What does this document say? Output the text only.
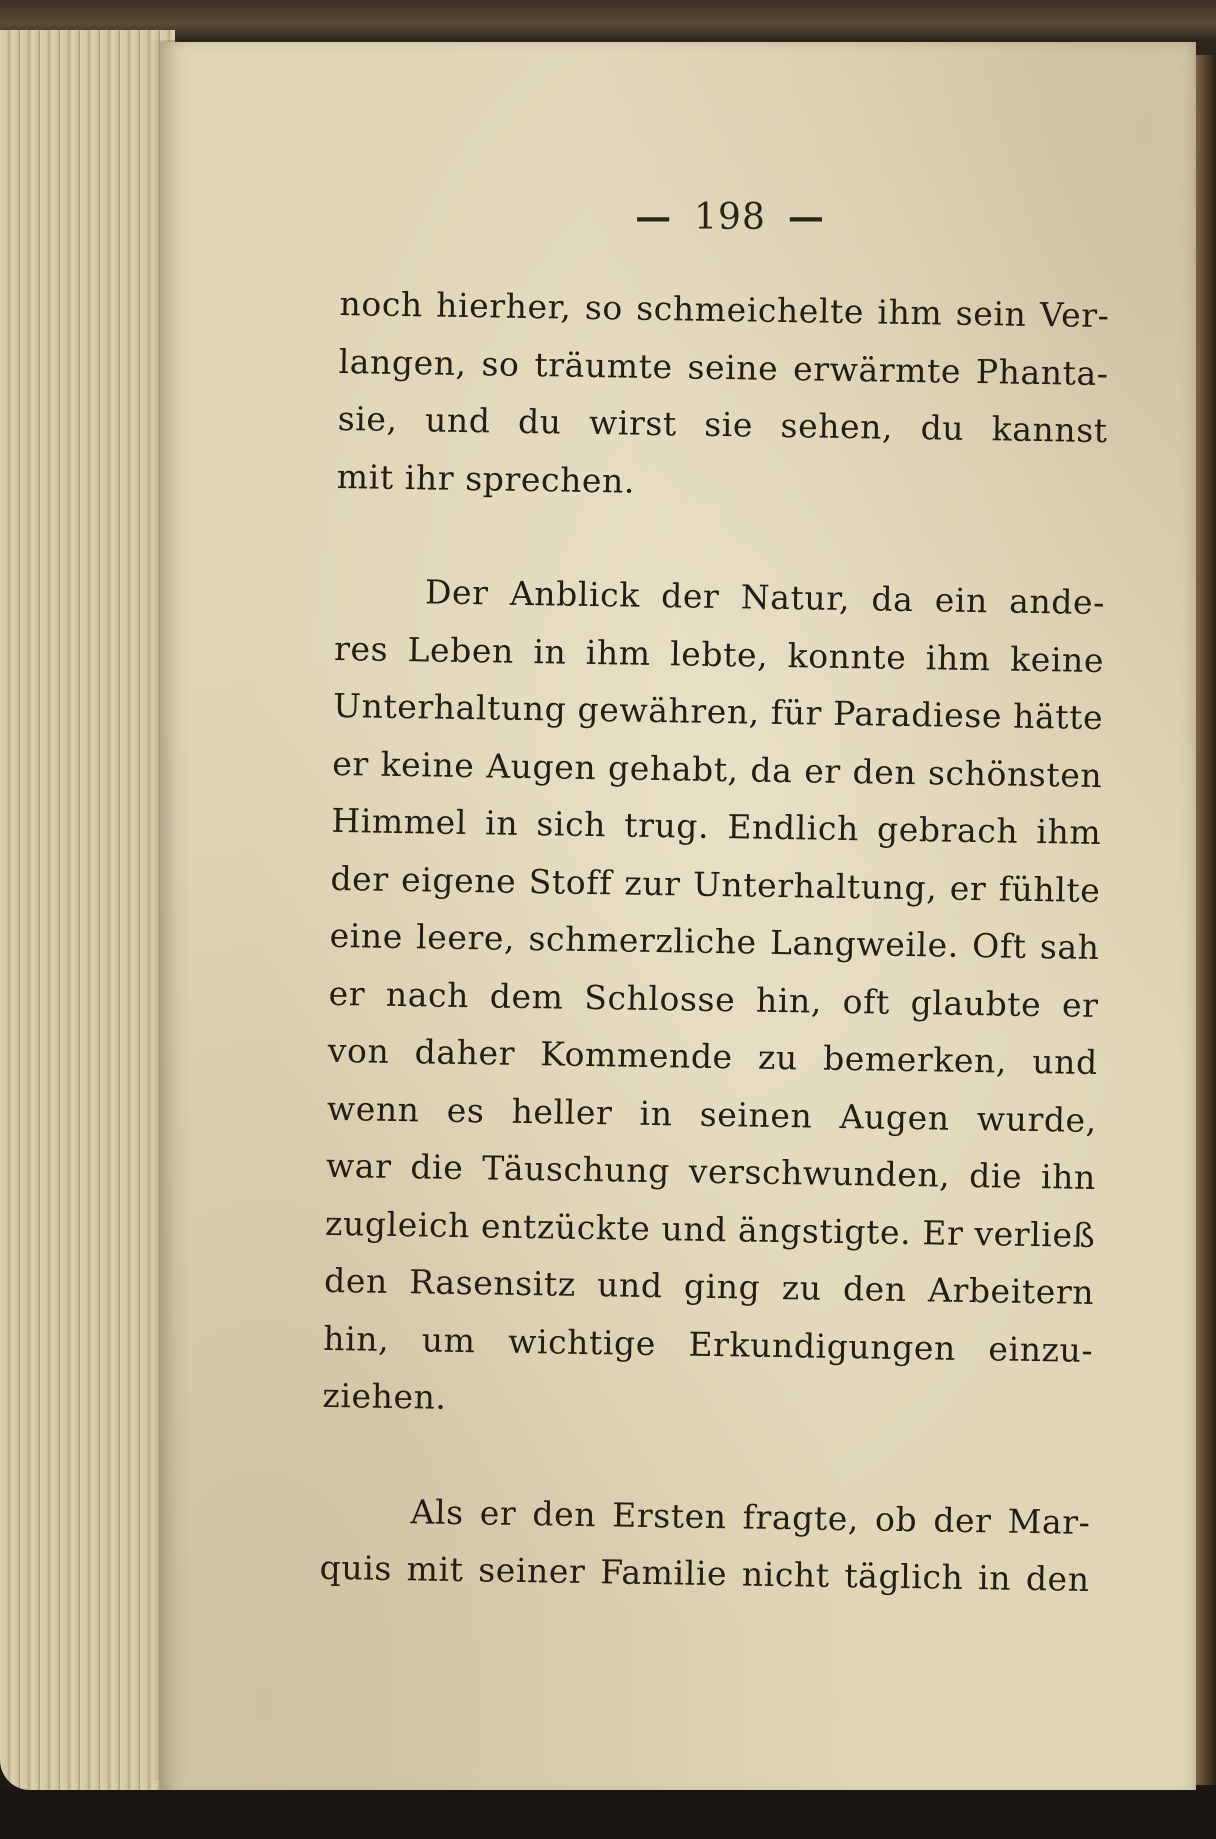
— 198 —

noch hierher, so schmeichelte ihm sein Ver-
langen, so träumte seine erwärmte Phanta-
sie, und du wirst sie sehen, du kannst
mit ihr sprechen.

Der Anblick der Natur, da ein ande-
res Leben in ihm lebte, konnte ihm keine
Unterhaltung gewähren, für Paradiese hätte
er keine Augen gehabt, da er den schönsten
Himmel in sich trug. Endlich gebrach ihm
der eigene Stoff zur Unterhaltung, er fühlte
eine leere, schmerzliche Langweile. Oft sah
er nach dem Schlosse hin, oft glaubte er
von daher Kommende zu bemerken, und
wenn es heller in seinen Augen wurde,
war die Täuschung verschwunden, die ihn
zugleich entzückte und ängstigte. Er verließ
den Rasensitz und ging zu den Arbeitern
hin, um wichtige Erkundigungen einzu-
ziehen.

Als er den Ersten fragte, ob der Mar-
quis mit seiner Familie nicht täglich in den
